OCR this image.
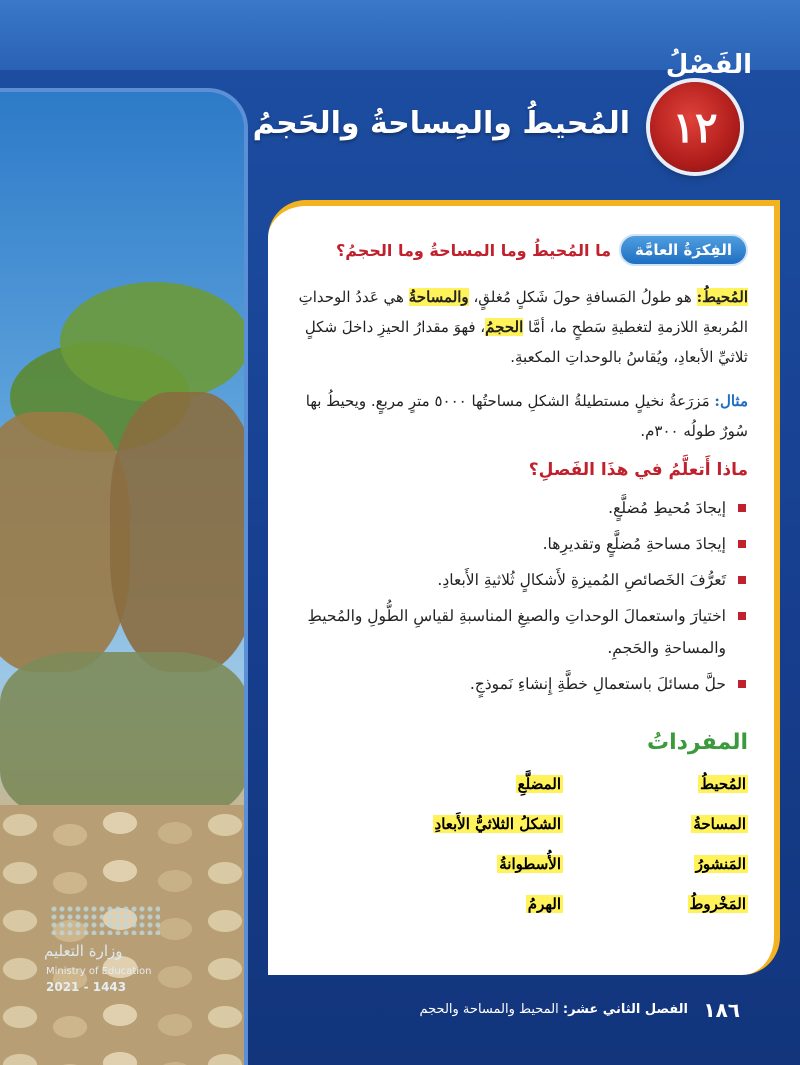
وزارة التعليم
Ministry of Education
2021 - 1443
الفَصْلُ
١٢
المُحيطُ والمِساحةُ والحَجمُ
الفِكرَةُ العامَّة
ما المُحيطُ وما المساحةُ وما الحجمُ؟

المُحيطُ: هو طولُ المَسافةِ حولَ شَكلٍ مُغلقٍ، والمساحةُ هي عَددُ الوحداتِ المُربعةِ اللازمةِ لتغطيةِ سَطحٍ ما، أمَّا الحجمُ، فهوَ مقدارُ الحيزِ داخلَ شكلٍ ثلاثيِّ الأبعادِ، ويُقاسُ بالوحداتِ المكعبةِ.

مثال: مَزرَعةُ نخيلٍ مستطيلةُ الشكلِ مساحتُها ٥٠٠٠ مترٍ مربعٍ. ويحيطُ بها سُورٌ طولُه ٣٠٠م.

ماذا أَتعلَّمُ في هذَا الفَصلِ؟
إيجادَ مُحيطِ مُضلَّعٍ.
إيجادَ مساحةِ مُضلَّعٍ وتقديرِها.
تَعرُّفَ الخَصائصِ المُميزةِ لأَشكالٍ ثُلاثيةِ الأَبعادِ.
اختيارَ واستعمالَ الوحداتِ والصيغِ المناسبةِ لقياسِ الطُّولِ والمُحيطِ والمساحةِ والحَجمِ.
حلَّ مسائلَ باستعمالِ خطَّةِ إِنشاءِ نَموذجٍ.
المفرداتُ
المُحيطُ
المضلَّعِ
المساحةُ
الشكلُ الثلاثيُّ الأَبعادِ
المَنشورُ
الأُسطوانةُ
المَخْروطُ
الهرمُ
١٨٦
الفصل الثاني عشر: المحيط والمساحة والحجم
